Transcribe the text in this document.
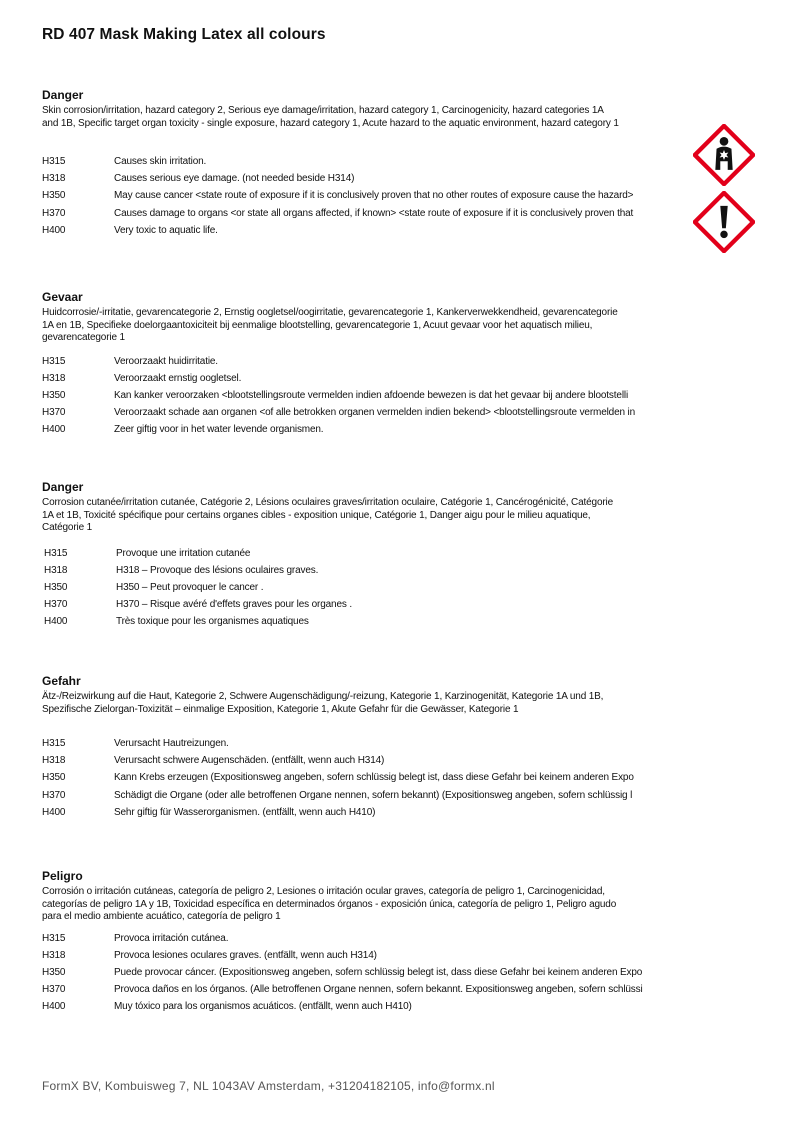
RD 407 Mask Making Latex all colours
Danger
Skin corrosion/irritation, hazard category 2, Serious eye damage/irritation, hazard category 1, Carcinogenicity, hazard categories 1A
and 1B, Specific target organ toxicity - single exposure, hazard category 1, Acute hazard to the aquatic environment, hazard category 1
H315	Causes skin irritation.
H318	Causes serious eye damage. (not needed beside H314)
H350	May cause cancer <state route of exposure if it is conclusively proven that no other routes of exposure cause the hazard>
H370	Causes damage to organs <or state all organs affected, if known> <state route of exposure if it is conclusively proven that
H400	Very toxic to aquatic life.
Gevaar
Huidcorrosie/-irritatie, gevarencategorie 2, Ernstig oogletsel/oogirritatie, gevarencategorie 1, Kankerverwekkendheid, gevarencategorie
1A en 1B, Specifieke doelorgaantoxiciteit bij eenmalige blootstelling, gevarencategorie 1, Acuut gevaar voor het aquatisch milieu,
gevarencategorie 1
H315	Veroorzaakt huidirritatie.
H318	Veroorzaakt ernstig oogletsel.
H350	Kan kanker veroorzaken <blootstellingsroute vermelden indien afdoende bewezen is dat het gevaar bij andere blootstelli
H370	Veroorzaakt schade aan organen <of alle betrokken organen vermelden indien bekend> <blootstellingsroute vermelden in
H400	Zeer giftig voor in het water levende organismen.
Danger
Corrosion cutanée/irritation cutanée, Catégorie 2, Lésions oculaires graves/irritation oculaire, Catégorie 1, Cancérogénicité, Catégorie
1A et 1B, Toxicité spécifique pour certains organes cibles - exposition unique, Catégorie 1, Danger aigu pour le milieu aquatique,
Catégorie 1
H315	Provoque une irritation cutanée
H318	H318 – Provoque des lésions oculaires graves.
H350	H350 – Peut provoquer le cancer .
H370	H370 – Risque avéré d'effets graves pour les organes .
H400	Très toxique pour les organismes aquatiques
Gefahr
Ätz-/Reizwirkung auf die Haut, Kategorie 2, Schwere Augenschädigung/-reizung, Kategorie 1, Karzinogenität, Kategorie 1A und 1B,
Spezifische Zielorgan-Toxizität – einmalige Exposition, Kategorie 1, Akute Gefahr für die Gewässer, Kategorie 1
H315	Verursacht Hautreizungen.
H318	Verursacht schwere Augenschäden. (entfällt, wenn auch H314)
H350	Kann Krebs erzeugen (Expositionsweg angeben, sofern schlüssig belegt ist, dass diese Gefahr bei keinem anderen Expo
H370	Schädigt die Organe (oder alle betroffenen Organe nennen, sofern bekannt) (Expositionsweg angeben, sofern schlüssig l
H400	Sehr giftig für Wasserorganismen. (entfällt, wenn auch H410)
Peligro
Corrosión o irritación cutáneas, categoría de peligro 2, Lesiones o irritación ocular graves, categoría de peligro 1, Carcinogenicidad,
categorías de peligro 1A y 1B, Toxicidad específica en determinados órganos - exposición única, categoría de peligro 1, Peligro agudo
para el medio ambiente acuático, categoría de peligro 1
H315	Provoca irritación cutánea.
H318	Provoca lesiones oculares graves. (entfällt, wenn auch H314)
H350	Puede provocar cáncer. (Expositionsweg angeben, sofern schlüssig belegt ist, dass diese Gefahr bei keinem anderen Expo
H370	Provoca daños en los órganos. (Alle betroffenen Organe nennen, sofern bekannt. Expositionsweg angeben, sofern schlüssi
H400	Muy tóxico para los organismos acuáticos. (entfällt, wenn auch H410)
FormX BV, Kombuisweg 7, NL 1043AV Amsterdam, +31204182105, info@formx.nl
